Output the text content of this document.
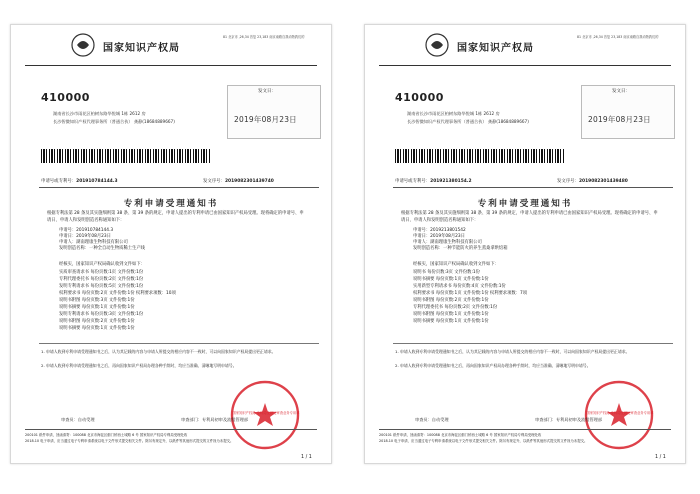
国家知识产权局
81 北京市 ,26,34 首复 23,183 南京南路自我动物我们的
410000
湖南省长沙市雨花区柏树东路华悦城 1栋 2612 房
长沙智微知识产权代理事务所（普通合伙） 龚静(18684889667)
发文日：
2019年08月23日
申请号或专利号：201910784144.3	发文序号：2019082301439740
专利申请受理通知书
根据专利法第 28 条及其实施细则第 38 条、第 39 条的规定，申请人提出的专利申请已由国家知识产权局受理。现将确定的申请号、申请日、申请人和发明创造名称通知如下：
申请号：201910784144.3
申请日：2019年08月23日
申请人：湖南理康生物科技有限公司
发明创造名称：一种全自动生物质稀土生产线
经核实，国家知识产权局确认收到文件如下：
实质审查请求书 每份页数:1页 文件份数:1份
专利代理委托书 每份页数:2页 文件份数:1份
发明专利请求书 每份页数:5页 文件份数:1份
权利要求书 每份页数:2页 文件份数:1份 权利要求项数：10项
说明书附图 每份页数:3页 文件份数:1份
说明书摘要 每份页数:1页 文件份数:1份
发明专利请求书 每份页数:3页 文件份数:1份
说明书附图 每份页数:2页 文件份数:1份
说明书摘要 每份页数:1页 文件份数:1份
1. 申请人收到专利申请受理通知书之后，认为其记载的内容与申请人所提交的相应内容不一致时，可以向国家知识产权局提出更正请求。
2. 申请人收到专利申请受理通知书之后，再向国家知识产权局办理各种手续时，均应当准确、清晰地写明申请号。
国家知识产权局 专利局受理处审查业务专用章
审查员：自动受理	审查部门：专利局初审及流程管理部
200101 纸件申请，回函请寄：100088 北京市海淀区蓟门桥西土城路 6 号 国家知识产权局专利局受理处收
2018.10 电子申请，应当通过电子专利申请系统以电子文件形式提交相关文件。除另有规定外，以纸件等其他形式提交的文件视为未提交。
1 / 1
国家知识产权局
81 北京市 ,26,34 首复 23,183 南京南路自我动物我们的
410000
湖南省长沙市雨花区柏树东路华悦城 1栋 2612 房
长沙智微知识产权代理事务所（普通合伙） 龚静(18684889667)
发文日：
2019年08月23日
申请号或专利号：201921380154.2	发文序号：2019082301439480
专利申请受理通知书
根据专利法第 28 条及其实施细则第 38 条、第 39 条的规定，申请人提出的专利申请已由国家知识产权局受理。现将确定的申请号、申请日、申请人和发明创造名称通知如下：
申请号：2019213801542
申请日：2019年08月23日
申请人：湖南理康生物科技有限公司
发明创造名称：一种节能防火的养生蒸桑拿烘焙箱
经核实，国家知识产权局确认收到文件如下：
说明书 每份页数:3页 文件份数:1份
说明书摘要 每份页数:1页 文件份数:1份
实用新型专利请求书 每份页数:4页 文件份数:1份
权利要求书 每份页数:1页 文件份数:1份 权利要求项数：7项
说明书附图 每份页数:2页 文件份数:1份
专利代理委托书 每份页数:2页 文件份数:1份
说明书附图 每份页数:1页 文件份数:1份
说明书摘要 每份页数:1页 文件份数:1份
1. 申请人收到专利申请受理通知书之后，认为其记载的内容与申请人所提交的相应内容不一致时，可以向国家知识产权局提出更正请求。
2. 申请人收到专利申请受理通知书之后，再向国家知识产权局办理各种手续时，均应当准确、清晰地写明申请号。
国家知识产权局 专利局受理处审查业务专用章
审查员：自动受理	审查部门：专利局初审及流程管理部
200101 纸件申请，回函请寄：100088 北京市海淀区蓟门桥西土城路 6 号 国家知识产权局专利局受理处收
2018.10 电子申请，应当通过电子专利申请系统以电子文件形式提交相关文件。除另有规定外，以纸件等其他形式提交的文件视为未提交。
1 / 1
